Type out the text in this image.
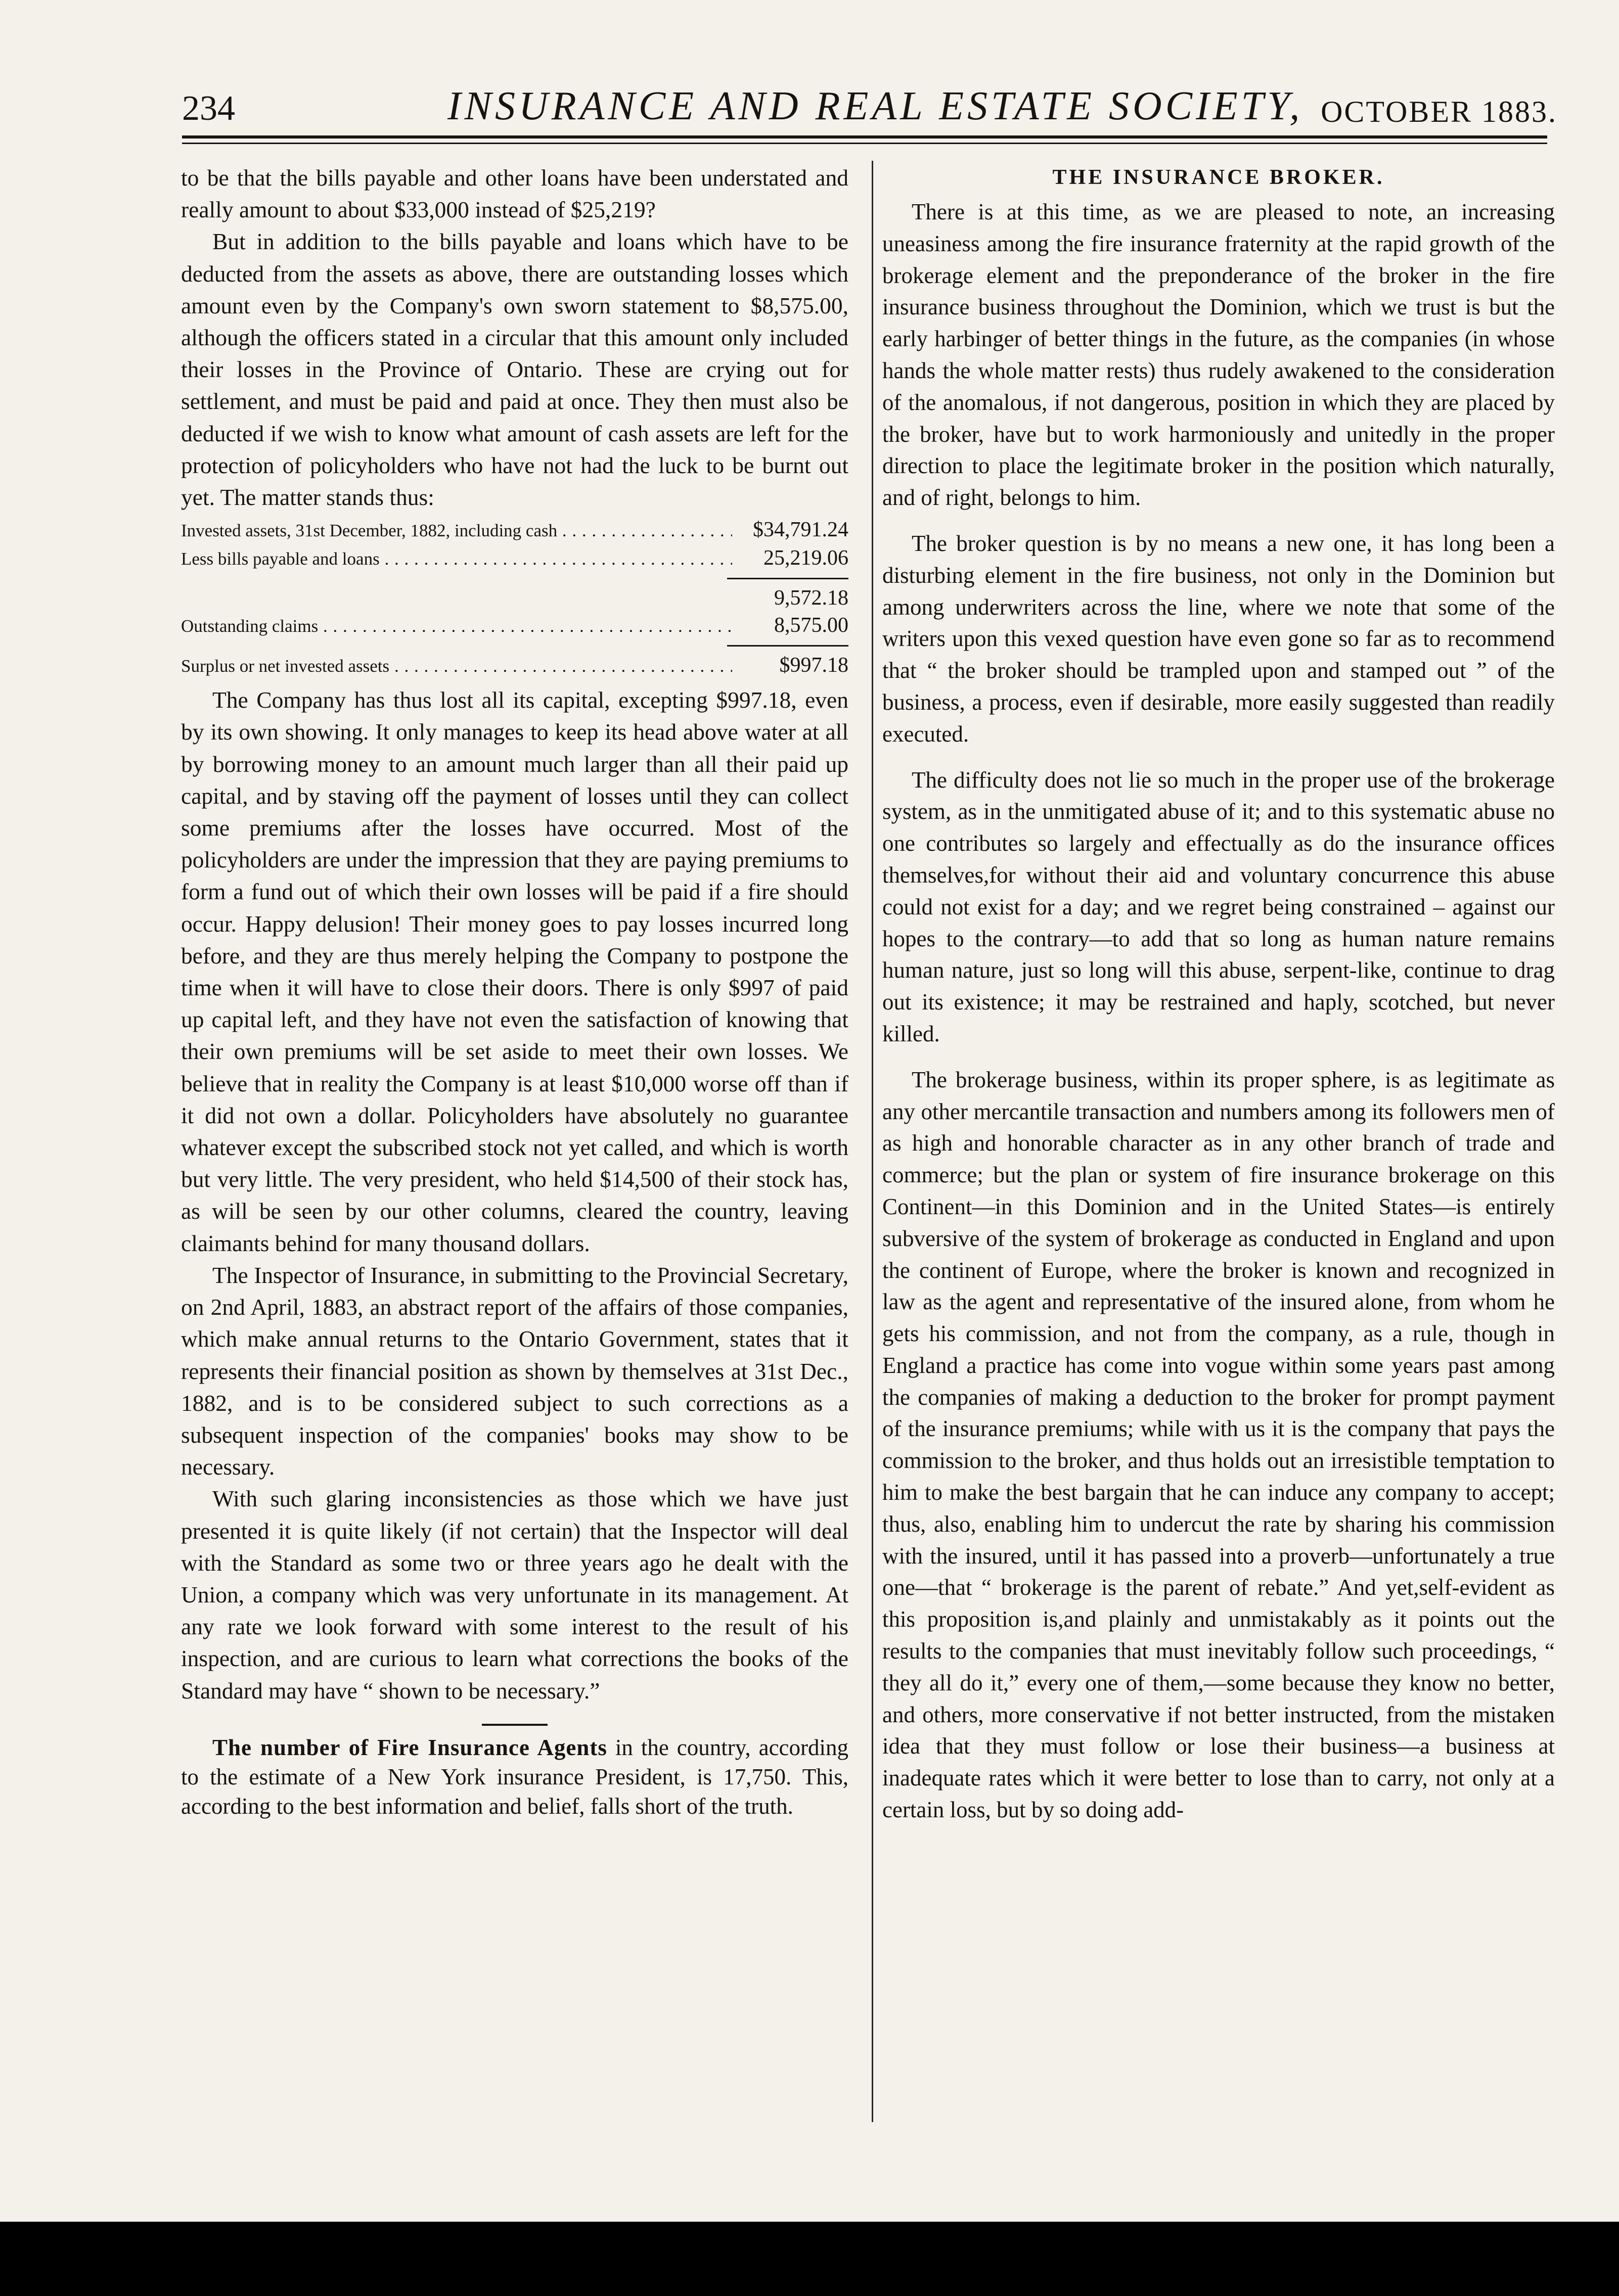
234	INSURANCE AND REAL ESTATE SOCIETY, OCTOBER 1883.

to be that the bills payable and other loans have been understated and really amount to about $33,000 instead of $25,219?

But in addition to the bills payable and loans which have to be deducted from the assets as above, there are outstanding losses which amount even by the Company's own sworn statement to $8,575.00, although the officers stated in a circular that this amount only included their losses in the Province of Ontario. These are crying out for settlement, and must be paid and paid at once. They then must also be deducted if we wish to know what amount of cash assets are left for the protection of policyholders who have not had the luck to be burnt out yet. The matter stands thus:

Invested assets, 31st December, 1882, including cash . . .	$34,791.24
Less bills payable and loans . . .	25,219.06
9,572.18
Outstanding claims . . .	8,575.00
Surplus or net invested assets . . .	$997.18

The Company has thus lost all its capital, excepting $997.18, even by its own showing. It only manages to keep its head above water at all by borrowing money to an amount much larger than all their paid up capital, and by staving off the payment of losses until they can collect some premiums after the losses have occurred. Most of the policyholders are under the impression that they are paying premiums to form a fund out of which their own losses will be paid if a fire should occur. Happy delusion! Their money goes to pay losses incurred long before, and they are thus merely helping the Company to postpone the time when it will have to close their doors. There is only $997 of paid up capital left, and they have not even the satisfaction of knowing that their own premiums will be set aside to meet their own losses. We believe that in reality the Company is at least $10,000 worse off than if it did not own a dollar. Policyholders have absolutely no guarantee whatever except the subscribed stock not yet called, and which is worth but very little. The very president, who held $14,500 of their stock has, as will be seen by our other columns, cleared the country, leaving claimants behind for many thousand dollars.

The Inspector of Insurance, in submitting to the Provincial Secretary, on 2nd April, 1883, an abstract report of the affairs of those companies, which make annual returns to the Ontario Government, states that it represents their financial position as shown by themselves at 31st Dec., 1882, and is to be considered subject to such corrections as a subsequent inspection of the companies' books may show to be necessary.

With such glaring inconsistencies as those which we have just presented it is quite likely (if not certain) that the Inspector will deal with the Standard as some two or three years ago he dealt with the Union, a company which was very unfortunate in its management. At any rate we look forward with some interest to the result of his inspection, and are curious to learn what corrections the books of the Standard may have “ shown to be necessary.”

The number of Fire Insurance Agents in the country, according to the estimate of a New York insurance President, is 17,750. This, according to the best information and belief, falls short of the truth.

THE INSURANCE BROKER.

There is at this time, as we are pleased to note, an increasing uneasiness among the fire insurance fraternity at the rapid growth of the brokerage element and the preponderance of the broker in the fire insurance business throughout the Dominion, which we trust is but the early harbinger of better things in the future, as the companies (in whose hands the whole matter rests) thus rudely awakened to the consideration of the anomalous, if not dangerous, position in which they are placed by the broker, have but to work harmoniously and unitedly in the proper direction to place the legitimate broker in the position which naturally, and of right, belongs to him.

The broker question is by no means a new one, it has long been a disturbing element in the fire business, not only in the Dominion but among underwriters across the line, where we note that some of the writers upon this vexed question have even gone so far as to recommend that “ the broker should be trampled upon and stamped out ” of the business, a process, even if desirable, more easily suggested than readily executed.

The difficulty does not lie so much in the proper use of the brokerage system, as in the unmitigated abuse of it; and to this systematic abuse no one contributes so largely and effectually as do the insurance offices themselves,for without their aid and voluntary concurrence this abuse could not exist for a day; and we regret being constrained – against our hopes to the contrary—to add that so long as human nature remains human nature, just so long will this abuse, serpent-like, continue to drag out its existence; it may be restrained and haply, scotched, but never killed.

The brokerage business, within its proper sphere, is as legitimate as any other mercantile transaction and numbers among its followers men of as high and honorable character as in any other branch of trade and commerce; but the plan or system of fire insurance brokerage on this Continent—in this Dominion and in the United States—is entirely subversive of the system of brokerage as conducted in England and upon the continent of Europe, where the broker is known and recognized in law as the agent and representative of the insured alone, from whom he gets his commission, and not from the company, as a rule, though in England a practice has come into vogue within some years past among the companies of making a deduction to the broker for prompt payment of the insurance premiums; while with us it is the company that pays the commission to the broker, and thus holds out an irresistible temptation to him to make the best bargain that he can induce any company to accept; thus, also, enabling him to undercut the rate by sharing his commission with the insured, until it has passed into a proverb—unfortunately a true one—that “ brokerage is the parent of rebate.” And yet,self-evident as this proposition is,and plainly and unmistakably as it points out the results to the companies that must inevitably follow such proceedings, “ they all do it,” every one of them,—some because they know no better, and others, more conservative if not better instructed, from the mistaken idea that they must follow or lose their business—a business at inadequate rates which it were better to lose than to carry, not only at a certain loss, but by so doing add-
